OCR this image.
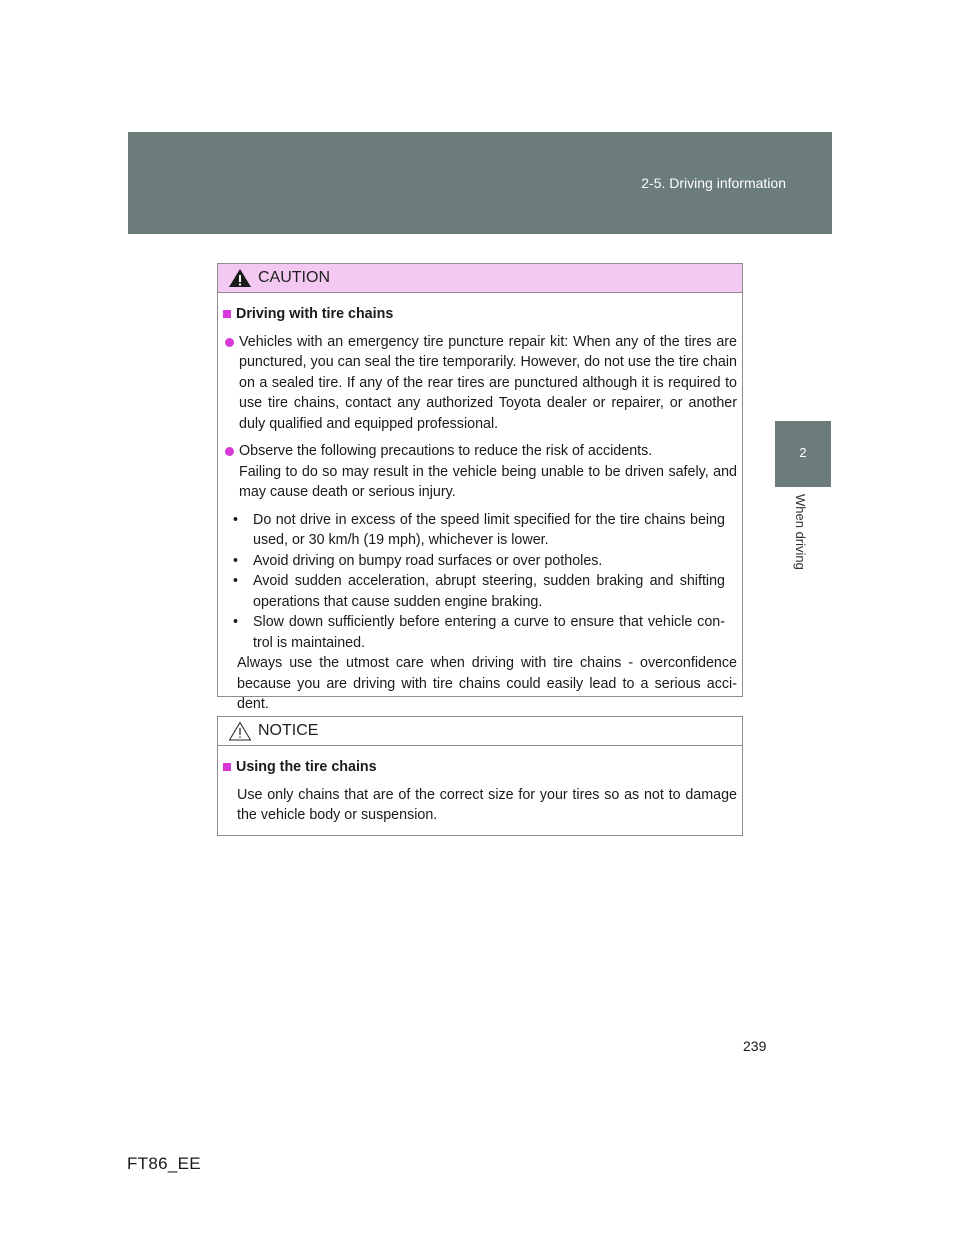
2-5. Driving information
2
When driving
CAUTION
Driving with tire chains
Vehicles with an emergency tire puncture repair kit: When any of the tires are punctured, you can seal the tire temporarily. However, do not use the tire chain on a sealed tire. If any of the rear tires are punctured although it is required to use tire chains, contact any authorized Toyota dealer or repairer, or another duly qualified and equipped professional.
Observe the following precautions to reduce the risk of accidents.
Failing to do so may result in the vehicle being unable to be driven safely, and may cause death or serious injury.
• Do not drive in excess of the speed limit specified for the tire chains being used, or 30 km/h (19 mph), whichever is lower.
• Avoid driving on bumpy road surfaces or over potholes.
• Avoid sudden acceleration, abrupt steering, sudden braking and shifting operations that cause sudden engine braking.
• Slow down sufficiently before entering a curve to ensure that vehicle con-trol is maintained.
Always use the utmost care when driving with tire chains - overconfidence because you are driving with tire chains could easily lead to a serious acci-dent.
NOTICE
Using the tire chains
Use only chains that are of the correct size for your tires so as not to damage the vehicle body or suspension.
239
FT86_EE
